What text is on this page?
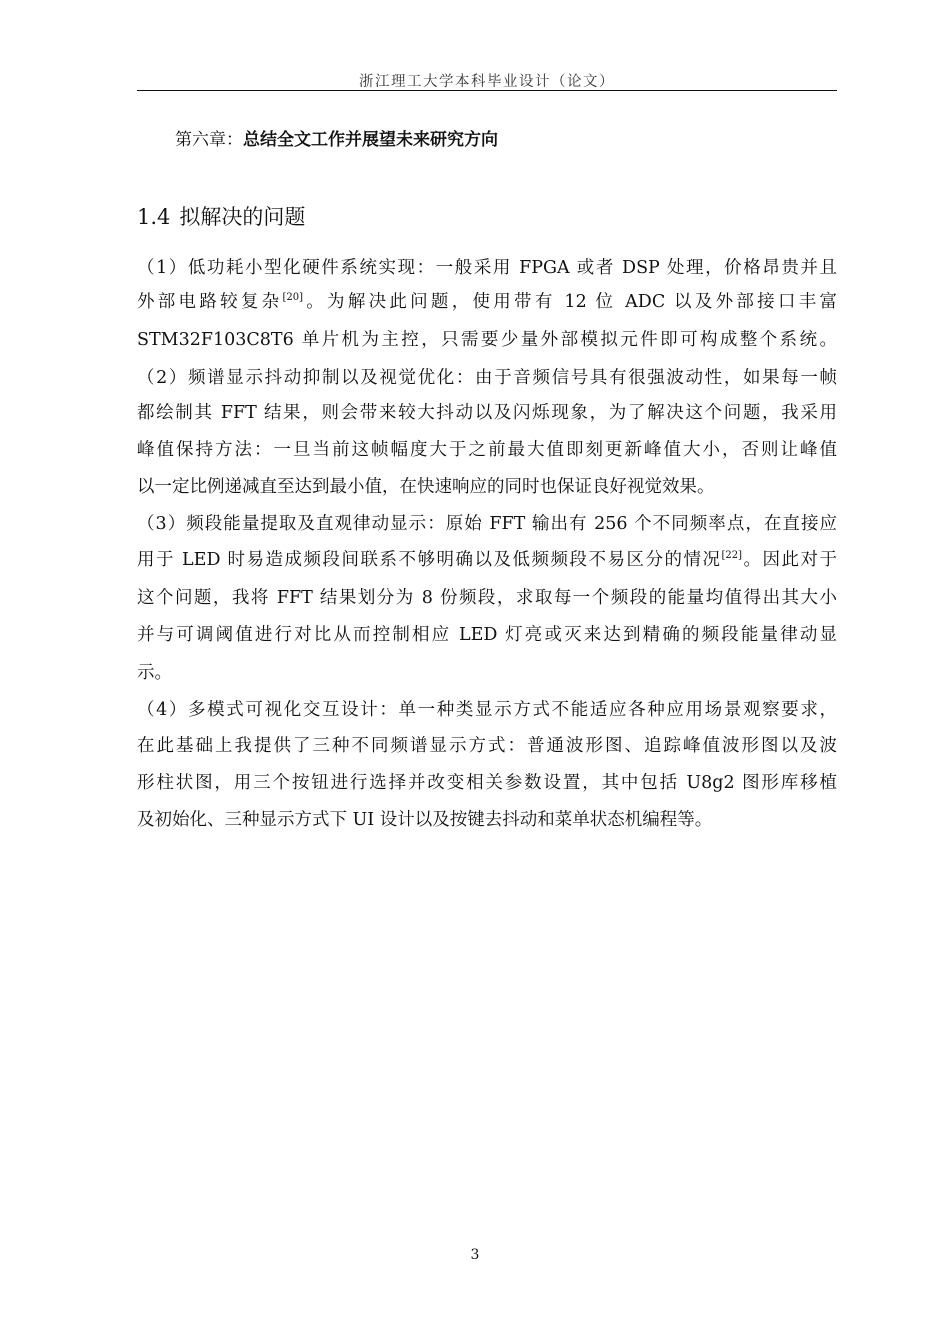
浙江理工大学本科毕业设计（论文）
第六章：总结全文工作并展望未来研究方向
1.4 拟解决的问题
（1）低功耗小型化硬件系统实现：一般采用 FPGA 或者 DSP 处理，价格昂贵并且
外部电路较复杂[20]。为解决此问题，使用带有 12 位 ADC 以及外部接口丰富
STM32F103C8T6 单片机为主控，只需要少量外部模拟元件即可构成整个系统。
（2）频谱显示抖动抑制以及视觉优化：由于音频信号具有很强波动性，如果每一帧
都绘制其 FFT 结果，则会带来较大抖动以及闪烁现象，为了解决这个问题，我采用
峰值保持方法：一旦当前这帧幅度大于之前最大值即刻更新峰值大小，否则让峰值
以一定比例递减直至达到最小值，在快速响应的同时也保证良好视觉效果。
（3）频段能量提取及直观律动显示：原始 FFT 输出有 256 个不同频率点，在直接应
用于 LED 时易造成频段间联系不够明确以及低频频段不易区分的情况[22]。因此对于
这个问题，我将 FFT 结果划分为 8 份频段，求取每一个频段的能量均值得出其大小
并与可调阈值进行对比从而控制相应 LED 灯亮或灭来达到精确的频段能量律动显
示。
（4）多模式可视化交互设计：单一种类显示方式不能适应各种应用场景观察要求，
在此基础上我提供了三种不同频谱显示方式：普通波形图、追踪峰值波形图以及波
形柱状图，用三个按钮进行选择并改变相关参数设置，其中包括 U8g2 图形库移植
及初始化、三种显示方式下 UI 设计以及按键去抖动和菜单状态机编程等。
3
